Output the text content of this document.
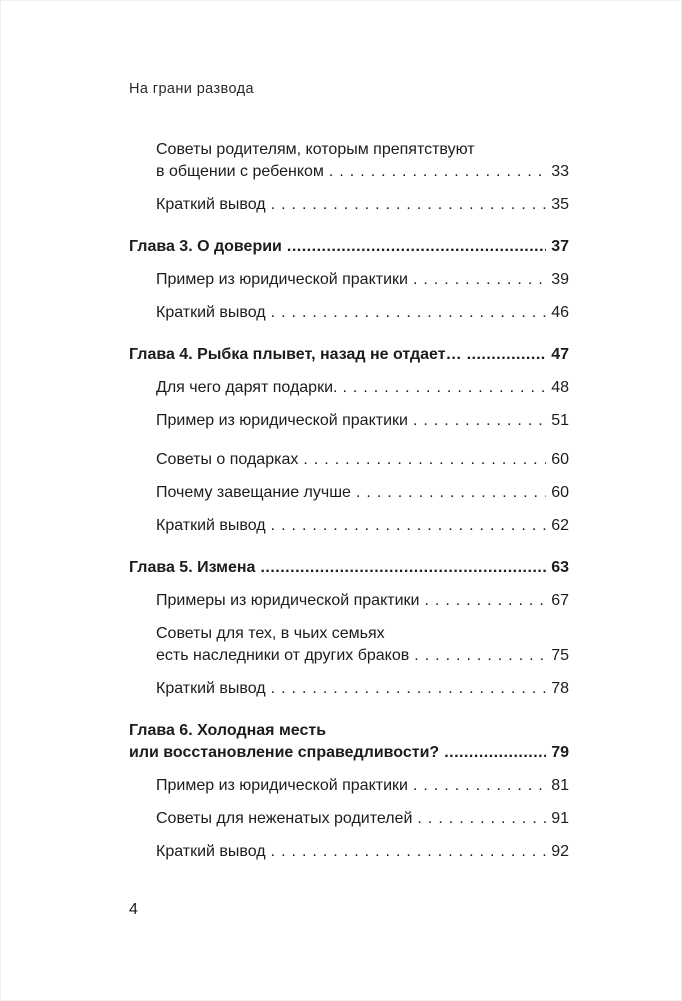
На грани развода
Советы родителям, которым препятствуют
в общении с ребенком .....	33
Краткий вывод .....	35
Глава 3. О доверии .....	37
Пример из юридической практики .....	39
Краткий вывод .....	46
Глава 4. Рыбка плывет, назад не отдает… .....	47
Для чего дарят подарки. .....	48
Пример из юридической практики .....	51
Советы о подарках .....	60
Почему завещание лучше .....	60
Краткий вывод .....	62
Глава 5. Измена .....	63
Примеры из юридической практики .....	67
Советы для тех, в чьих семьях
есть наследники от других браков .....	75
Краткий вывод .....	78
Глава 6. Холодная месть
или восстановление справедливости? .....	79
Пример из юридической практики .....	81
Советы для неженатых родителей .....	91
Краткий вывод .....	92
4
